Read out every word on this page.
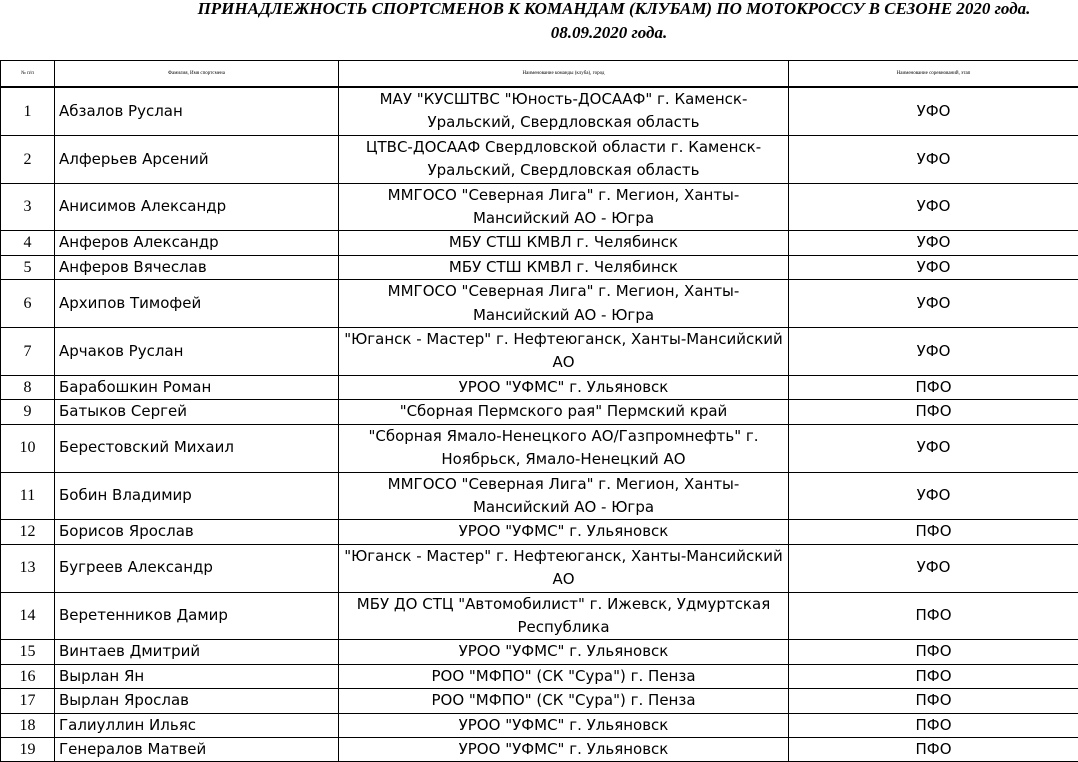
ПРИНАДЛЕЖНОСТЬ СПОРТСМЕНОВ К КОМАНДАМ (КЛУБАМ) ПО МОТОКРОССУ В СЕЗОНЕ 2020 года.
08.09.2020 года.
№ п/п	Фамилия, Имя спортсмена	Наименование команды (клуба), город	Наименование соревнований, этап
1	Абзалов Руслан	МАУ "КУСШТВС "Юность-ДОСААФ" г. Каменск-Уральский, Свердловская область	УФО
2	Алферьев Арсений	ЦТВС-ДОСААФ Свердловской области г. Каменск-Уральский, Свердловская область	УФО
3	Анисимов Александр	ММГОСО "Северная Лига" г. Мегион, Ханты-Мансийский АО - Югра	УФО
4	Анферов Александр	МБУ СТШ КМВЛ г. Челябинск	УФО
5	Анферов Вячеслав	МБУ СТШ КМВЛ г. Челябинск	УФО
6	Архипов Тимофей	ММГОСО "Северная Лига" г. Мегион, Ханты-Мансийский АО - Югра	УФО
7	Арчаков Руслан	"Юганск - Мастер" г. Нефтеюганск, Ханты-Мансийский АО	УФО
8	Барабошкин Роман	УРОО "УФМС" г. Ульяновск	ПФО
9	Батыков Сергей	"Сборная Пермского рая" Пермский край	ПФО
10	Берестовский Михаил	"Сборная Ямало-Ненецкого АО/Газпромнефть" г. Ноябрьск, Ямало-Ненецкий АО	УФО
11	Бобин Владимир	ММГОСО "Северная Лига" г. Мегион, Ханты-Мансийский АО - Югра	УФО
12	Борисов Ярослав	УРОО "УФМС" г. Ульяновск	ПФО
13	Бугреев Александр	"Юганск - Мастер" г. Нефтеюганск, Ханты-Мансийский АО	УФО
14	Веретенников Дамир	МБУ ДО СТЦ "Автомобилист" г. Ижевск, Удмуртская Республика	ПФО
15	Винтаев Дмитрий	УРОО "УФМС" г. Ульяновск	ПФО
16	Вырлан Ян	РОО "МФПО" (СК "Сура") г. Пенза	ПФО
17	Вырлан Ярослав	РОО "МФПО" (СК "Сура") г. Пенза	ПФО
18	Галиуллин Ильяс	УРОО "УФМС" г. Ульяновск	ПФО
19	Генералов Матвей	УРОО "УФМС" г. Ульяновск	ПФО
